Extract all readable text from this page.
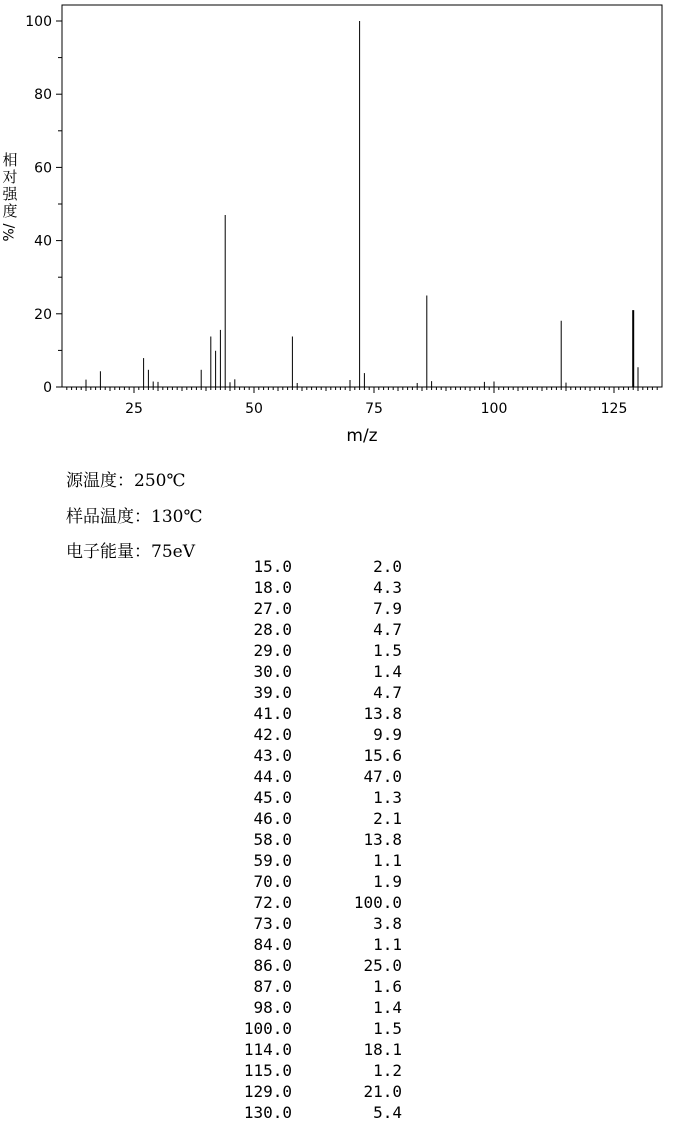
0
20
40
60
80
100
25	50	75	100	125
m/z
相
对
强
度
%/
源温度：250℃
样品温度：130℃
电子能量：75eV
15.0	2.0
18.0	4.3
27.0	7.9
28.0	4.7
29.0	1.5
30.0	1.4
39.0	4.7
41.0	13.8
42.0	9.9
43.0	15.6
44.0	47.0
45.0	1.3
46.0	2.1
58.0	13.8
59.0	1.1
70.0	1.9
72.0	100.0
73.0	3.8
84.0	1.1
86.0	25.0
87.0	1.6
98.0	1.4
100.0	1.5
114.0	18.1
115.0	1.2
129.0	21.0
130.0	5.4
